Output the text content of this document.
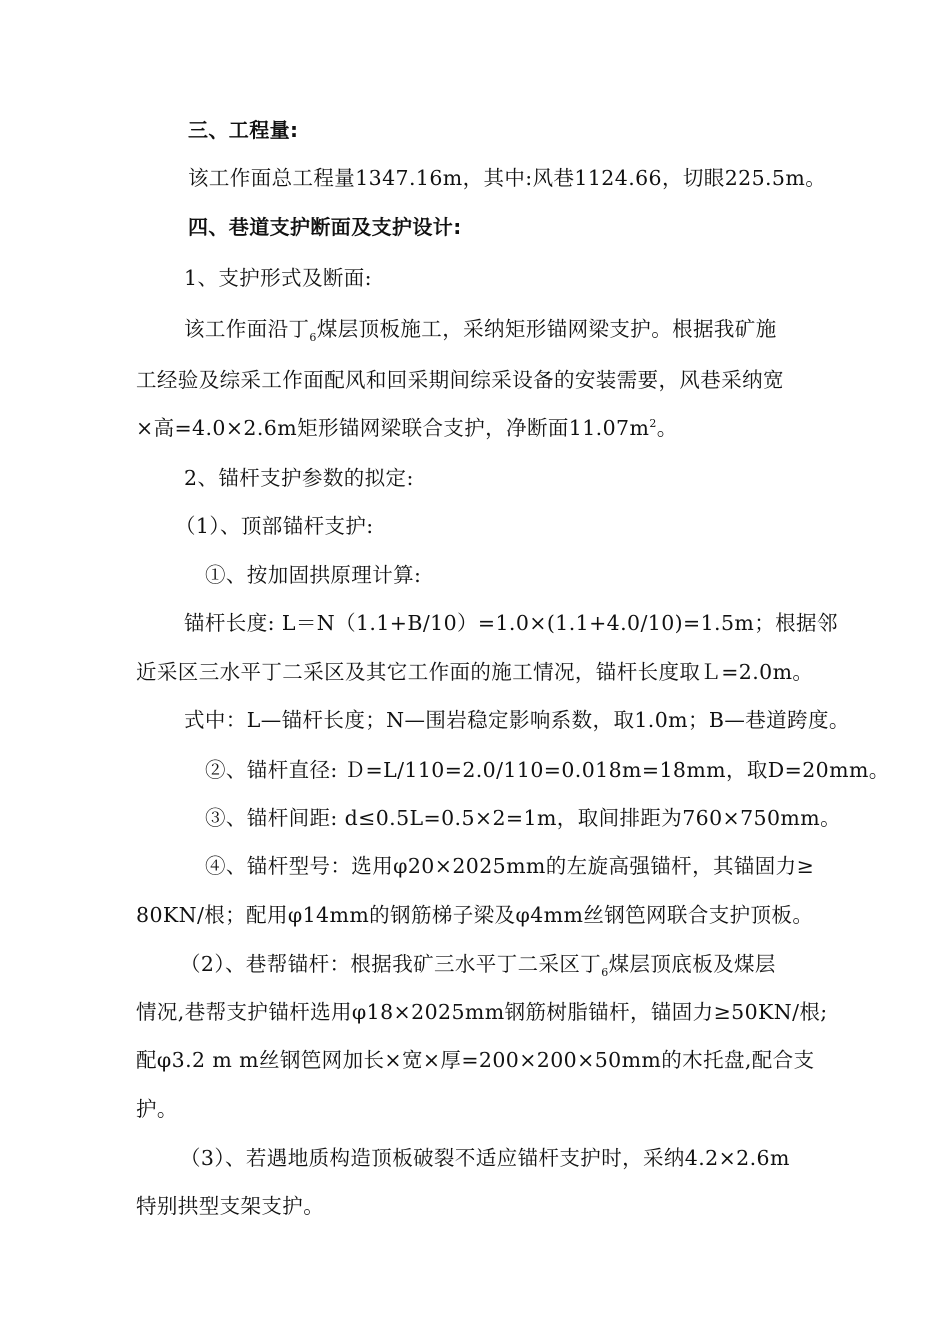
三、工程量:
该工作面总工程量1347.16m，其中:风巷1124.66，切眼225.5m。
四、巷道支护断面及支护设计:
1、支护形式及断面:
该工作面沿丁$_6$煤层顶板施工，采纳矩形锚网梁支护。根据我矿施
工经验及综采工作面配风和回采期间综采设备的安装需要，风巷采纳宽
×高=4.0×2.6m矩形锚网梁联合支护，净断面$11.07m^2$。
2、锚杆支护参数的拟定:
（1）、顶部锚杆支护:
①、按加固拱原理计算:
锚杆长度: L＝N（1.1+B/10）=1.0×(1.1+4.0/10)=1.5m；根据邻
近采区三水平丁二采区及其它工作面的施工情况，锚杆长度取Ｌ=2.0m。
式中：L—锚杆长度；N—围岩稳定影响系数，取1.0m；B—巷道跨度。
②、锚杆直径: Ｄ=L/110=2.0/110=0.018m=18mm，取D=20mm。
③、锚杆间距: d≤0.5L=0.5×2=1m，取间排距为760×750mm。
④、锚杆型号：选用φ20×2025mm的左旋高强锚杆，其锚固力≥
80KN/根；配用φ14mm的钢筋梯子梁及φ4mm丝钢笆网联合支护顶板。
（2）、巷帮锚杆：根据我矿三水平丁二采区丁$_6$煤层顶底板及煤层
情况,巷帮支护锚杆选用φ18×2025mm钢筋树脂锚杆，锚固力≥50KN/根;
配φ3.2 m m丝钢笆网加长×宽×厚=200×200×50mm的木托盘,配合支
护。
（3）、若遇地质构造顶板破裂不适应锚杆支护时，采纳4.2×2.6m
特别拱型支架支护。
